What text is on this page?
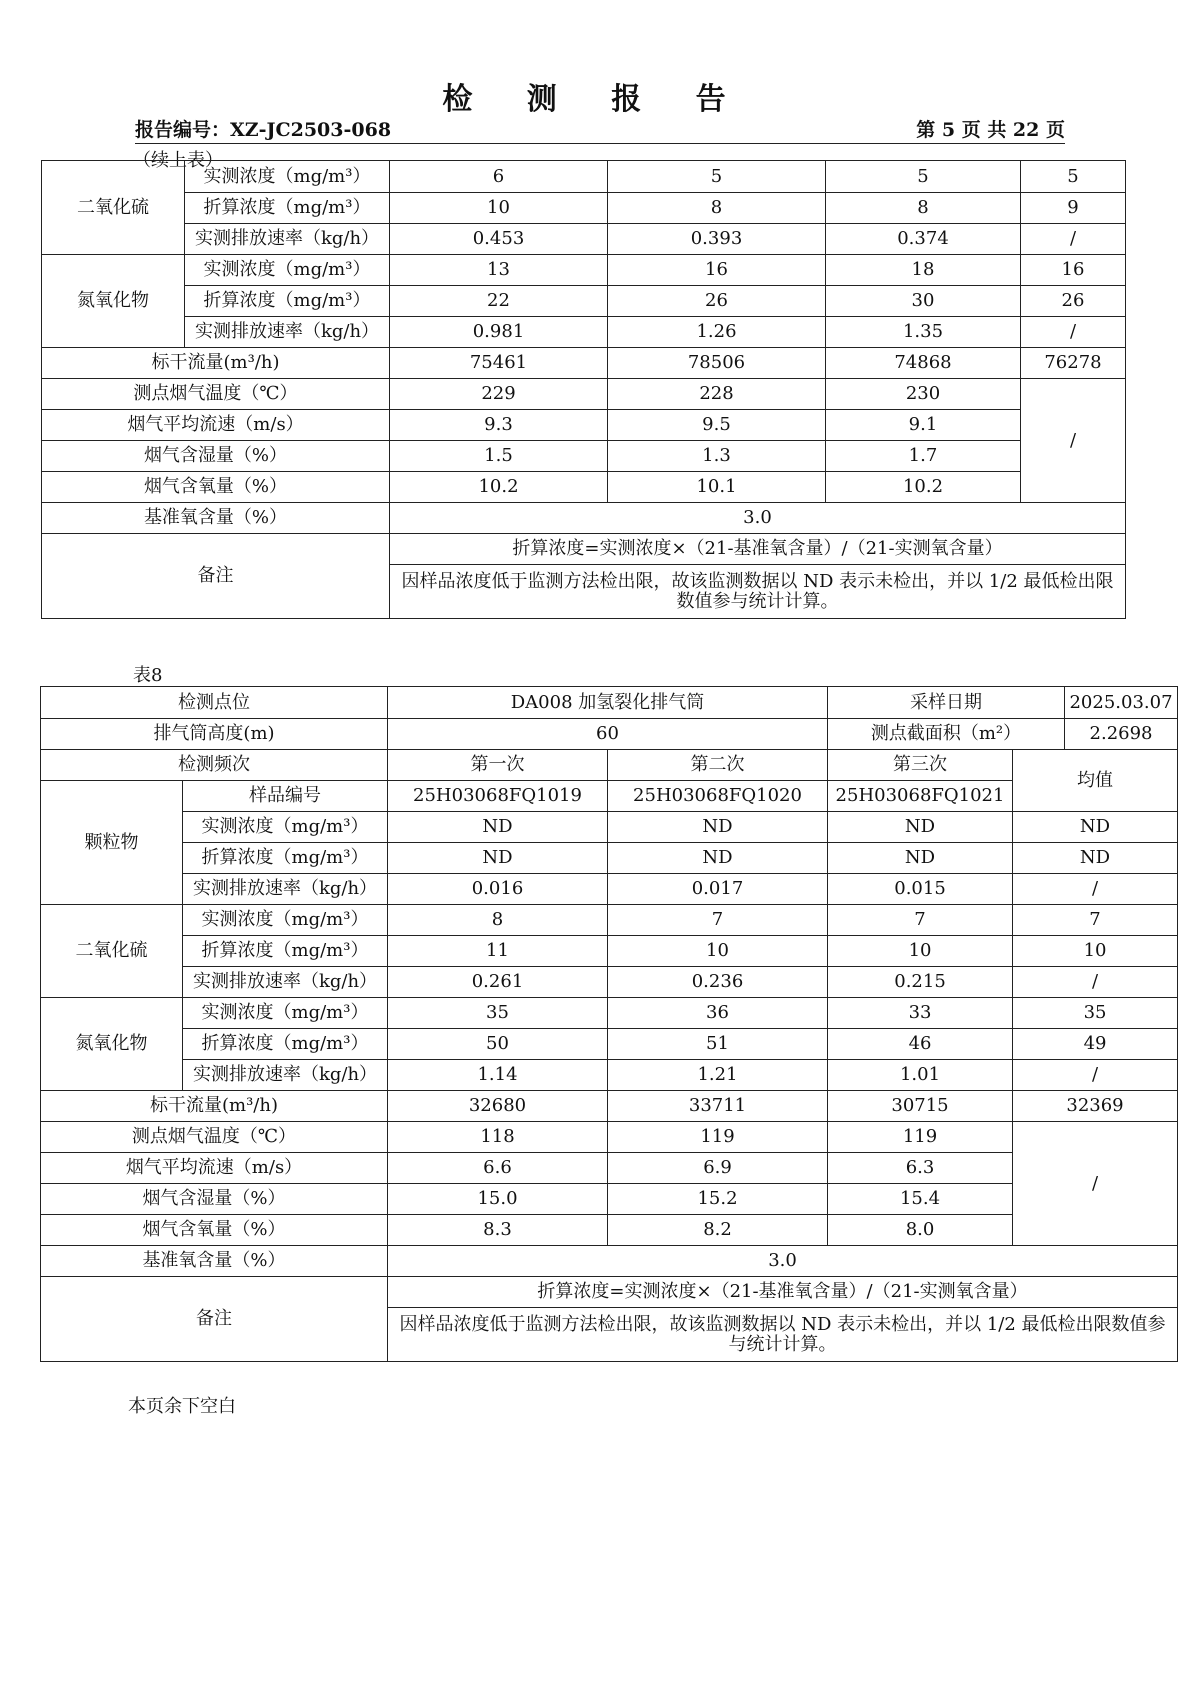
检 测 报 告
报告编号：XZ-JC2503-068	第 5 页 共 22 页
（续上表）
二氧化硫	实测浓度（mg/m³）	6	5	5	5
	折算浓度（mg/m³）	10	8	8	9
	实测排放速率（kg/h）	0.453	0.393	0.374	/
氮氧化物	实测浓度（mg/m³）	13	16	18	16
	折算浓度（mg/m³）	22	26	30	26
	实测排放速率（kg/h）	0.981	1.26	1.35	/
标干流量(m³/h)		75461	78506	74868	76278
测点烟气温度（℃）		229	228	230	/
烟气平均流速（m/s）		9.3	9.5	9.1	
烟气含湿量（%）		1.5	1.3	1.7	
烟气含氧量（%）		10.2	10.1	10.2	
基准氧含量（%）		3.0			
备注		折算浓度=实测浓度×（21-基准氧含量）/（21-实测氧含量）			
		因样品浓度低于监测方法检出限，故该监测数据以 ND 表示未检出，并以 1/2 最低检出限数值参与统计计算。			
表8
检测点位		DA008 加氢裂化排气筒		采样日期		2025.03.07
排气筒高度(m)		60		测点截面积（m²）		2.2698
检测频次		第一次	第二次	第三次	均值	
颗粒物	样品编号	25H03068FQ1019	25H03068FQ1020	25H03068FQ1021		
	实测浓度（mg/m³）	ND	ND	ND	ND	
	折算浓度（mg/m³）	ND	ND	ND	ND	
	实测排放速率（kg/h）	0.016	0.017	0.015	/	
二氧化硫	实测浓度（mg/m³）	8	7	7	7	
	折算浓度（mg/m³）	11	10	10	10	
	实测排放速率（kg/h）	0.261	0.236	0.215	/	
氮氧化物	实测浓度（mg/m³）	35	36	33	35	
	折算浓度（mg/m³）	50	51	46	49	
	实测排放速率（kg/h）	1.14	1.21	1.01	/	
标干流量(m³/h)		32680	33711	30715	32369	
测点烟气温度（℃）		118	119	119	/	
烟气平均流速（m/s）		6.6	6.9	6.3		
烟气含湿量（%）		15.0	15.2	15.4		
烟气含氧量（%）		8.3	8.2	8.0		
基准氧含量（%）		3.0				
备注		折算浓度=实测浓度×（21-基准氧含量）/（21-实测氧含量）				
		因样品浓度低于监测方法检出限，故该监测数据以 ND 表示未检出，并以 1/2 最低检出限数值参与统计计算。				
本页余下空白
